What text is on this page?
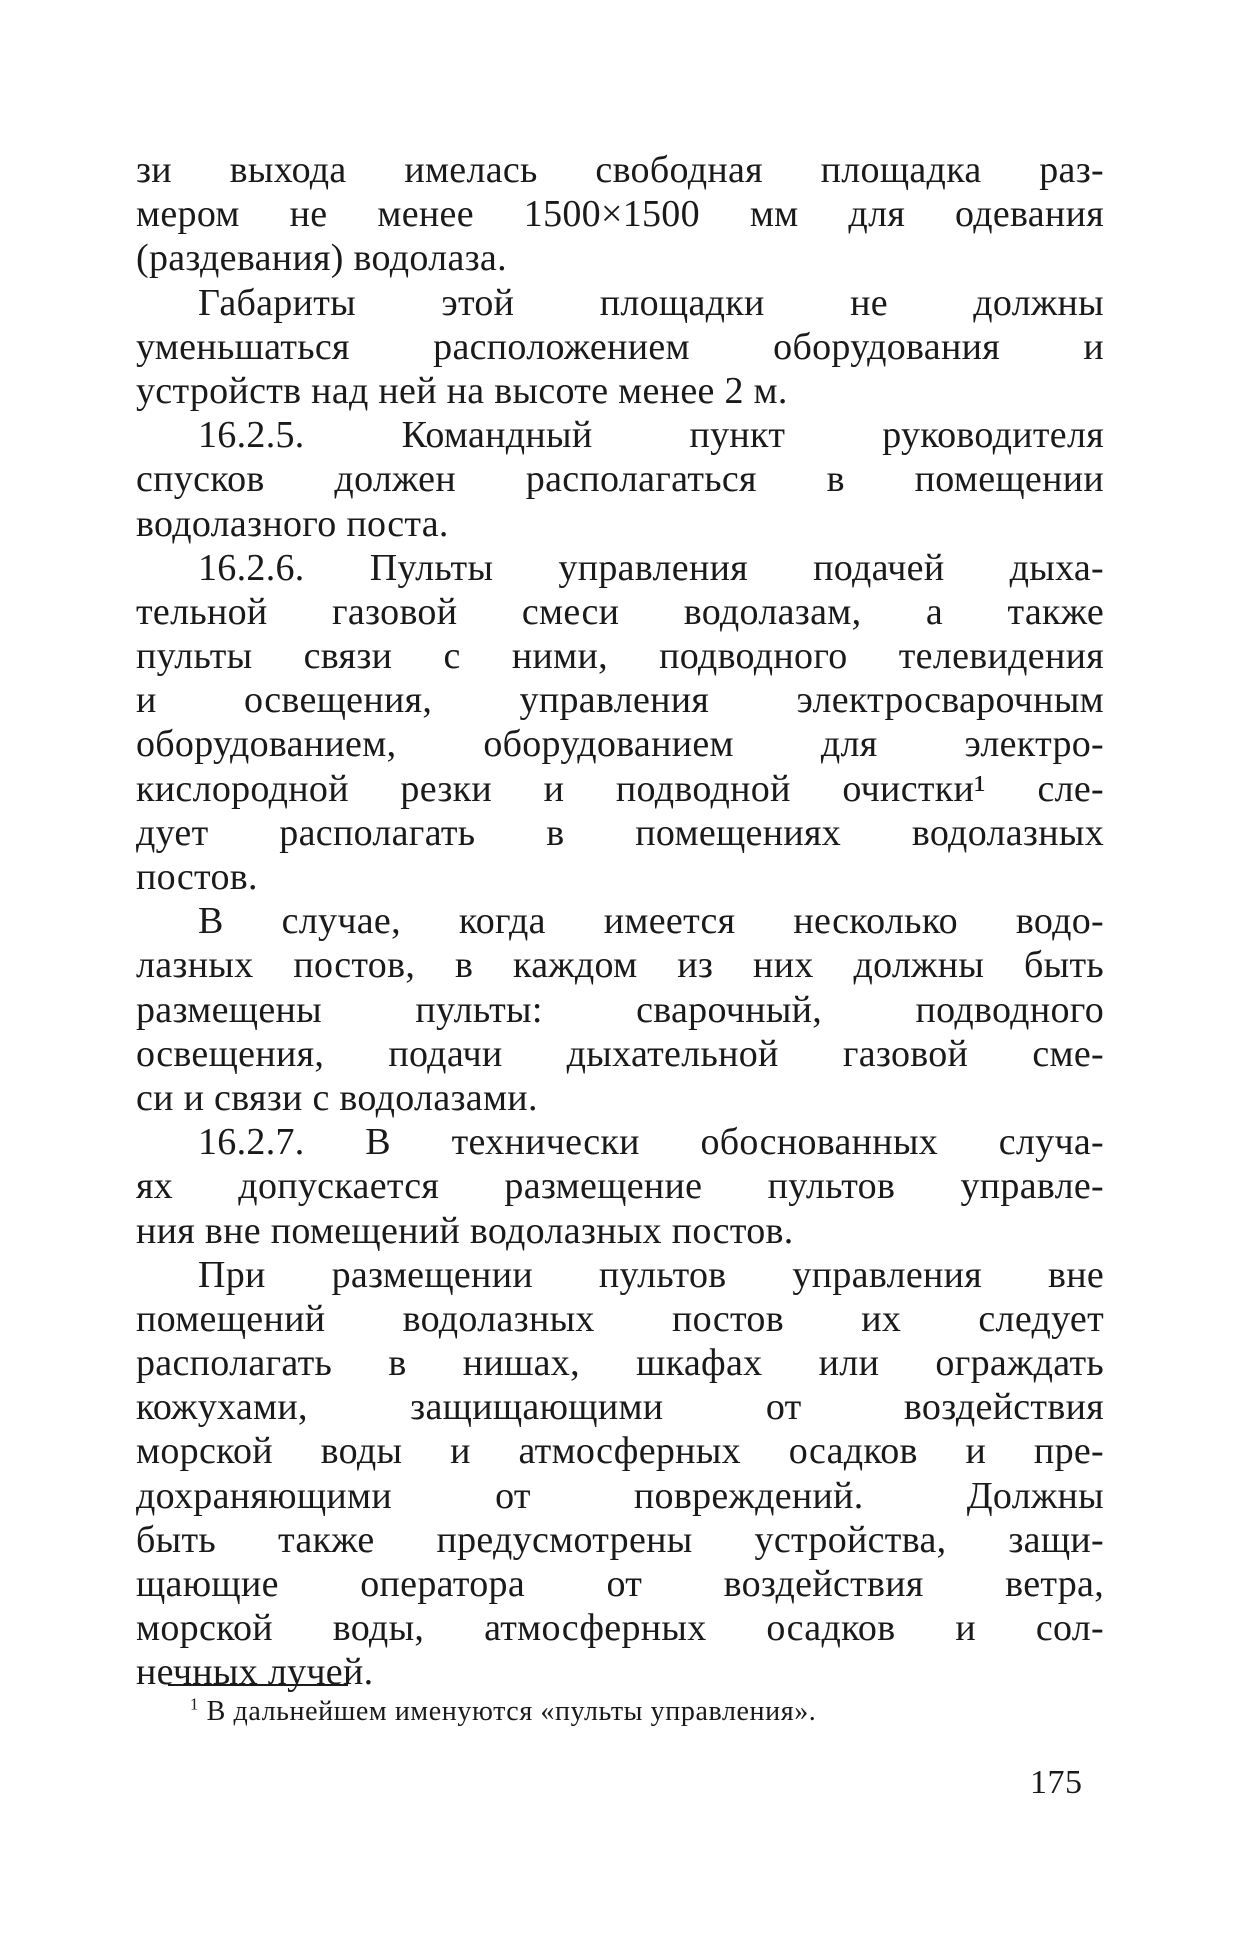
зи выхода имелась свободная площадка раз-
мером не менее 1500×1500 мм для одевания
(раздевания) водолаза.
Габариты этой площадки не должны
уменьшаться расположением оборудования и
устройств над ней на высоте менее 2 м.
16.2.5. Командный пункт руководителя
спусков должен располагаться в помещении
водолазного поста.
16.2.6. Пульты управления подачей дыха-
тельной газовой смеси водолазам, а также
пульты связи с ними, подводного телевидения
и освещения, управления электросварочным
оборудованием, оборудованием для электро-
кислородной резки и подводной очистки¹ сле-
дует располагать в помещениях водолазных
постов.
В случае, когда имеется несколько водо-
лазных постов, в каждом из них должны быть
размещены пульты: сварочный, подводного
освещения, подачи дыхательной газовой сме-
си и связи с водолазами.
16.2.7. В технически обоснованных случа-
ях допускается размещение пультов управле-
ния вне помещений водолазных постов.
При размещении пультов управления вне
помещений водолазных постов их следует
располагать в нишах, шкафах или ограждать
кожухами, защищающими от воздействия
морской воды и атмосферных осадков и пре-
дохраняющими от повреждений. Должны
быть также предусмотрены устройства, защи-
щающие оператора от воздействия ветра,
морской воды, атмосферных осадков и сол-
нечных лучей.
$^1$ В дальнейшем именуются «пульты управления».
175
